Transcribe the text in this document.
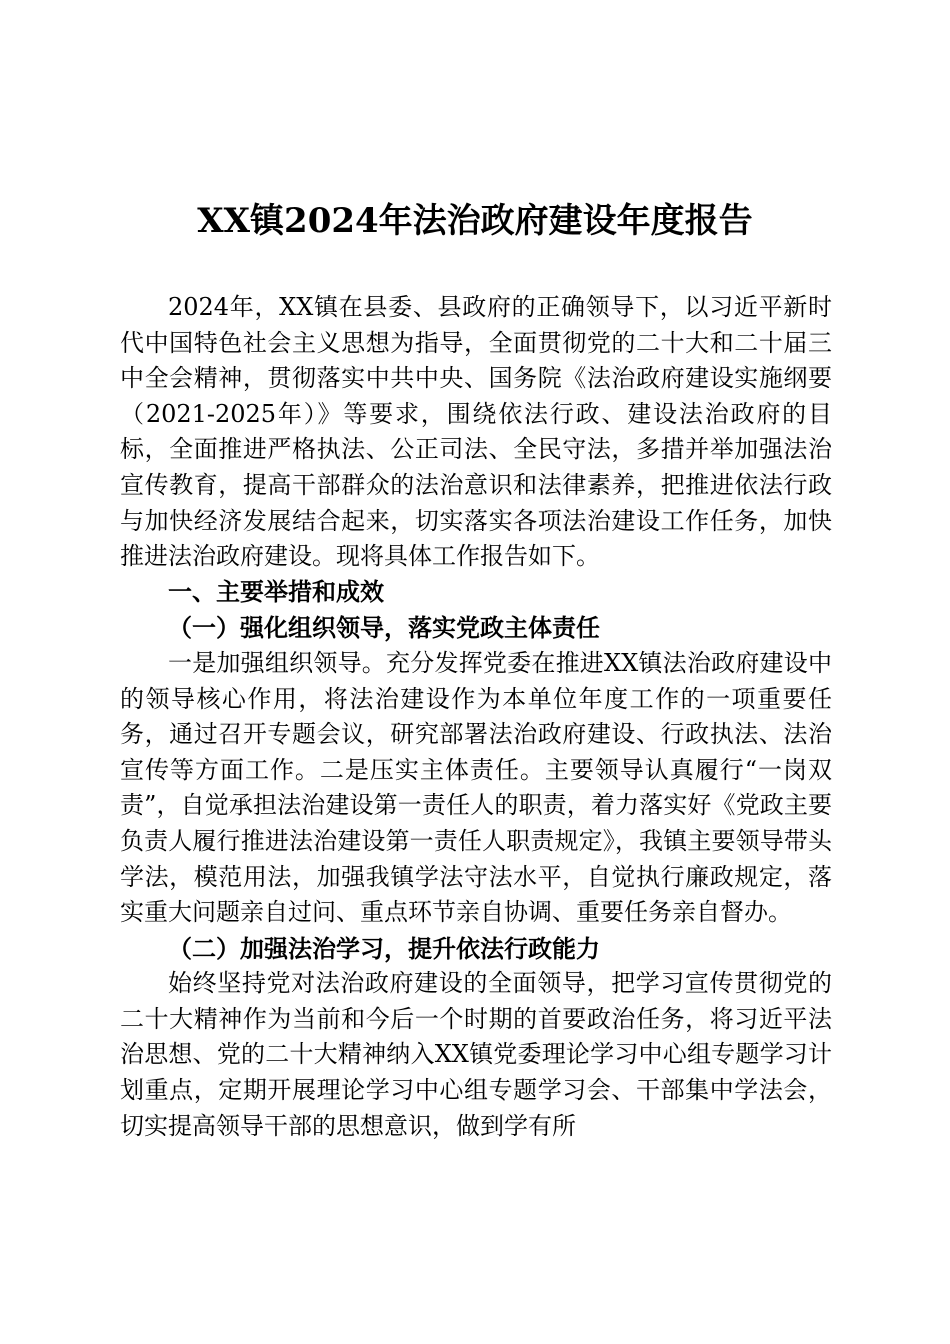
XX镇2024年法治政府建设年度报告

2024年，XX镇在县委、县政府的正确领导下，以习近平新时代中国特色社会主义思想为指导，全面贯彻党的二十大和二十届三中全会精神，贯彻落实中共中央、国务院《法治政府建设实施纲要（2021-2025年）》等要求，围绕依法行政、建设法治政府的目标，全面推进严格执法、公正司法、全民守法，多措并举加强法治宣传教育，提高干部群众的法治意识和法律素养，把推进依法行政与加快经济发展结合起来，切实落实各项法治建设工作任务，加快推进法治政府建设。现将具体工作报告如下。

一、主要举措和成效

（一）强化组织领导，落实党政主体责任

一是加强组织领导。充分发挥党委在推进XX镇法治政府建设中的领导核心作用，将法治建设作为本单位年度工作的一项重要任务，通过召开专题会议，研究部署法治政府建设、行政执法、法治宣传等方面工作。二是压实主体责任。主要领导认真履行“一岗双责”，自觉承担法治建设第一责任人的职责，着力落实好《党政主要负责人履行推进法治建设第一责任人职责规定》，我镇主要领导带头学法，模范用法，加强我镇学法守法水平，自觉执行廉政规定，落实重大问题亲自过问、重点环节亲自协调、重要任务亲自督办。

（二）加强法治学习，提升依法行政能力

始终坚持党对法治政府建设的全面领导，把学习宣传贯彻党的二十大精神作为当前和今后一个时期的首要政治任务，将习近平法治思想、党的二十大精神纳入XX镇党委理论学习中心组专题学习计划重点，定期开展理论学习中心组专题学习会、干部集中学法会，切实提高领导干部的思想意识，做到学有所
